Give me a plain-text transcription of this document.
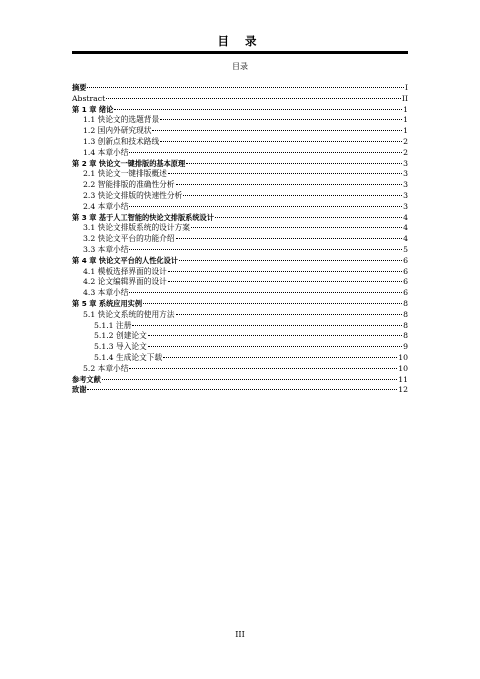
目 录
目录
摘要	I
Abstract	II
第 1 章 绪论	1
1.1 快论文的选题背景	1
1.2 国内外研究现状	1
1.3 创新点和技术路线	2
1.4 本章小结	2
第 2 章 快论文一键排版的基本原理	3
2.1 快论文一键排版概述	3
2.2 智能排版的准确性分析	3
2.3 快论文排版的快速性分析	3
2.4 本章小结	3
第 3 章 基于人工智能的快论文排版系统设计	4
3.1 快论文排版系统的设计方案	4
3.2 快论文平台的功能介绍	4
3.3 本章小结	5
第 4 章 快论文平台的人性化设计	6
4.1 模板选择界面的设计	6
4.2 论文编辑界面的设计	6
4.3 本章小结	6
第 5 章 系统应用实例	8
5.1 快论文系统的使用方法	8
5.1.1 注册	8
5.1.2 创建论文	8
5.1.3 导入论文	9
5.1.4 生成论文下载	10
5.2 本章小结	10
参考文献	11
致谢	12
III
